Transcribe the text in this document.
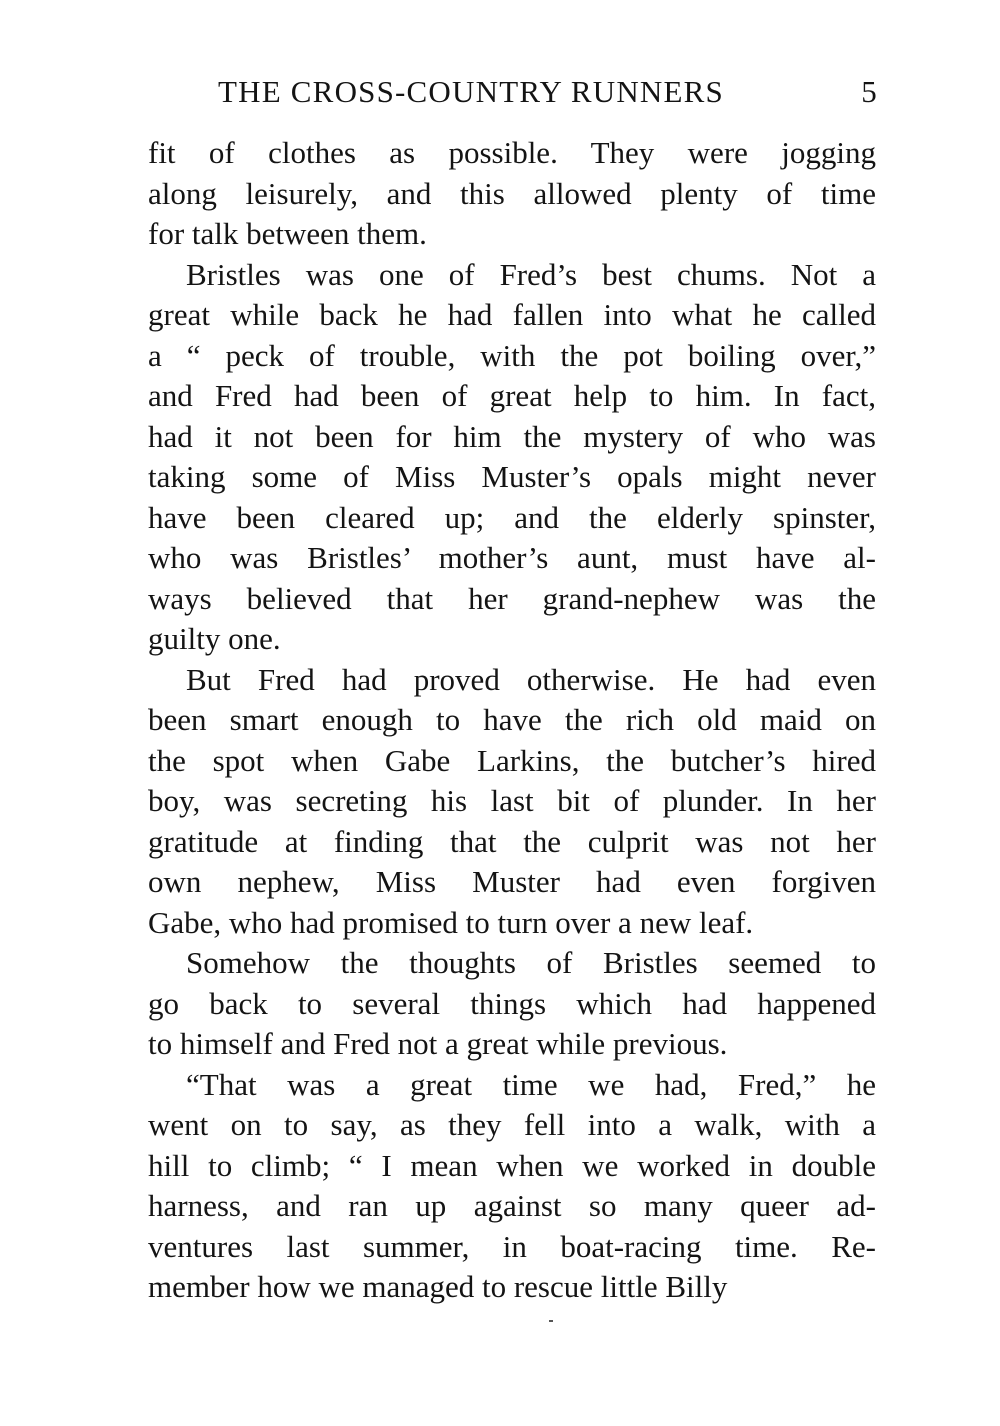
THE CROSS-COUNTRY RUNNERS	5
fit of clothes as possible. They were jogging
along leisurely, and this allowed plenty of time
for talk between them.
Bristles was one of Fred’s best chums. Not a
great while back he had fallen into what he called
a “ peck of trouble, with the pot boiling over,”
and Fred had been of great help to him. In fact,
had it not been for him the mystery of who was
taking some of Miss Muster’s opals might never
have been cleared up; and the elderly spinster,
who was Bristles’ mother’s aunt, must have al-
ways believed that her grand-nephew was the
guilty one.
But Fred had proved otherwise. He had even
been smart enough to have the rich old maid on
the spot when Gabe Larkins, the butcher’s hired
boy, was secreting his last bit of plunder. In her
gratitude at finding that the culprit was not her
own nephew, Miss Muster had even forgiven
Gabe, who had promised to turn over a new leaf.
Somehow the thoughts of Bristles seemed to
go back to several things which had happened
to himself and Fred not a great while previous.
“That was a great time we had, Fred,” he
went on to say, as they fell into a walk, with a
hill to climb; “ I mean when we worked in double
harness, and ran up against so many queer ad-
ventures last summer, in boat-racing time. Re-
member how we managed to rescue little Billy
